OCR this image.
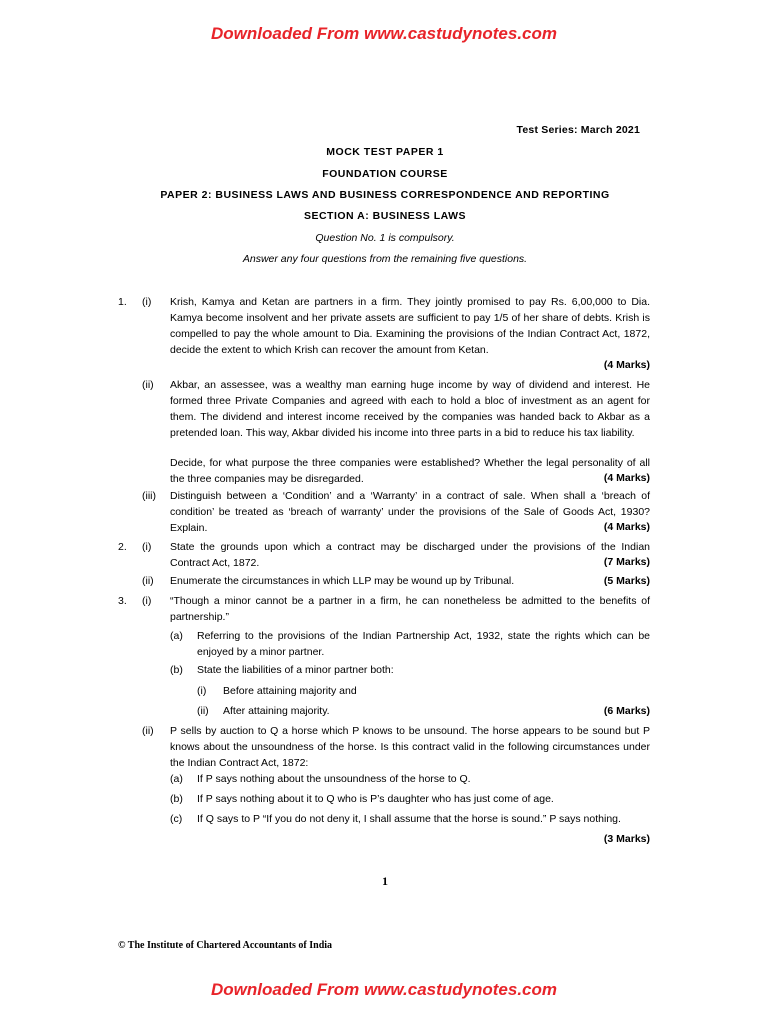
Downloaded From www.castudynotes.com
Test Series: March 2021
MOCK TEST PAPER 1
FOUNDATION COURSE
PAPER 2: BUSINESS LAWS AND BUSINESS CORRESPONDENCE AND REPORTING
SECTION A: BUSINESS LAWS
Question No. 1 is compulsory.
Answer any four questions from the remaining five questions.
1. (i) Krish, Kamya and Ketan are partners in a firm. They jointly promised to pay Rs. 6,00,000 to Dia. Kamya become insolvent and her private assets are sufficient to pay 1/5 of her share of debts. Krish is compelled to pay the whole amount to Dia. Examining the provisions of the Indian Contract Act, 1872, decide the extent to which Krish can recover the amount from Ketan.
(4 Marks)
(ii) Akbar, an assessee, was a wealthy man earning huge income by way of dividend and interest. He formed three Private Companies and agreed with each to hold a bloc of investment as an agent for them. The dividend and interest income received by the companies was handed back to Akbar as a pretended loan. This way, Akbar divided his income into three parts in a bid to reduce his tax liability.
Decide, for what purpose the three companies were established? Whether the legal personality of all the three companies may be disregarded.	(4 Marks)
(iii) Distinguish between a ‘Condition’ and a ‘Warranty’ in a contract of sale. When shall a ‘breach of condition’ be treated as ‘breach of warranty’ under the provisions of the Sale of Goods Act, 1930? Explain.	(4 Marks)
2. (i) State the grounds upon which a contract may be discharged under the provisions of the Indian Contract Act, 1872.	(7 Marks)
(ii) Enumerate the circumstances in which LLP may be wound up by Tribunal.	(5 Marks)
3. (i) “Though a minor cannot be a partner in a firm, he can nonetheless be admitted to the benefits of partnership.”
(a) Referring to the provisions of the Indian Partnership Act, 1932, state the rights which can be enjoyed by a minor partner.
(b) State the liabilities of a minor partner both:
(i) Before attaining majority and
(ii) After attaining majority.	(6 Marks)
(ii) P sells by auction to Q a horse which P knows to be unsound. The horse appears to be sound but P knows about the unsoundness of the horse. Is this contract valid in the following circumstances under the Indian Contract Act, 1872:
(a) If P says nothing about the unsoundness of the horse to Q.
(b) If P says nothing about it to Q who is P’s daughter who has just come of age.
(c) If Q says to P “If you do not deny it, I shall assume that the horse is sound.” P says nothing.
(3 Marks)
1
© The Institute of Chartered Accountants of India
Downloaded From www.castudynotes.com
